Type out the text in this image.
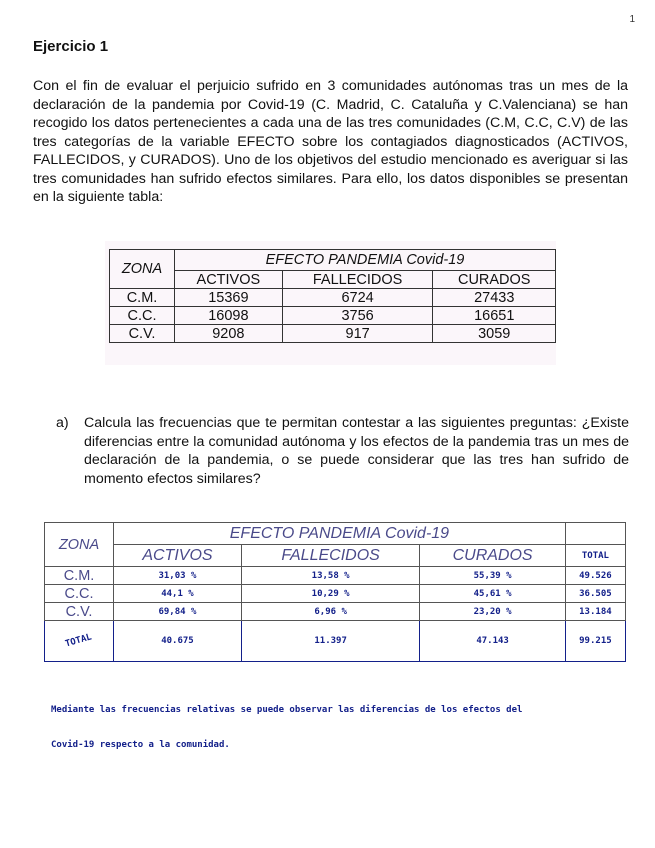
1
Ejercicio 1
Con el fin de evaluar el perjuicio sufrido en 3 comunidades autónomas tras un mes de la declaración de la pandemia por Covid-19 (C. Madrid, C. Cataluña y C.Valenciana) se han recogido los datos pertenecientes a cada una de las tres comunidades (C.M, C.C, C.V) de las tres categorías de la variable EFECTO sobre los contagiados diagnosticados (ACTIVOS, FALLECIDOS, y CURADOS). Uno de los objetivos del estudio mencionado es averiguar si las tres comunidades han sufrido efectos similares. Para ello, los datos disponibles se presentan en la siguiente tabla:
ZONA	EFECTO PANDEMIA Covid-19		
	ACTIVOS	FALLECIDOS	CURADOS
C.M.	15369	6724	27433
C.C.	16098	3756	16651
C.V.	9208	917	3059
a) Calcula las frecuencias que te permitan contestar a las siguientes preguntas: ¿Existe diferencias entre la comunidad autónoma y los efectos de la pandemia tras un mes de declaración de la pandemia, o se puede considerar que las tres han sufrido de momento efectos similares?
ZONA	EFECTO PANDEMIA Covid-19			
	ACTIVOS	FALLECIDOS	CURADOS	TOTAL
C.M.	31,03 %	13,58 %	55,39 %	49.526
C.C.	44,1 %	10,29 %	45,61 %	36.505
C.V.	69,84 %	6,96 %	23,20 %	13.184
TOTAL	40.675	11.397	47.143	99.215
Mediante las frecuencias relativas se puede observar las diferencias de los efectos del
Covid-19 respecto a la comunidad.
